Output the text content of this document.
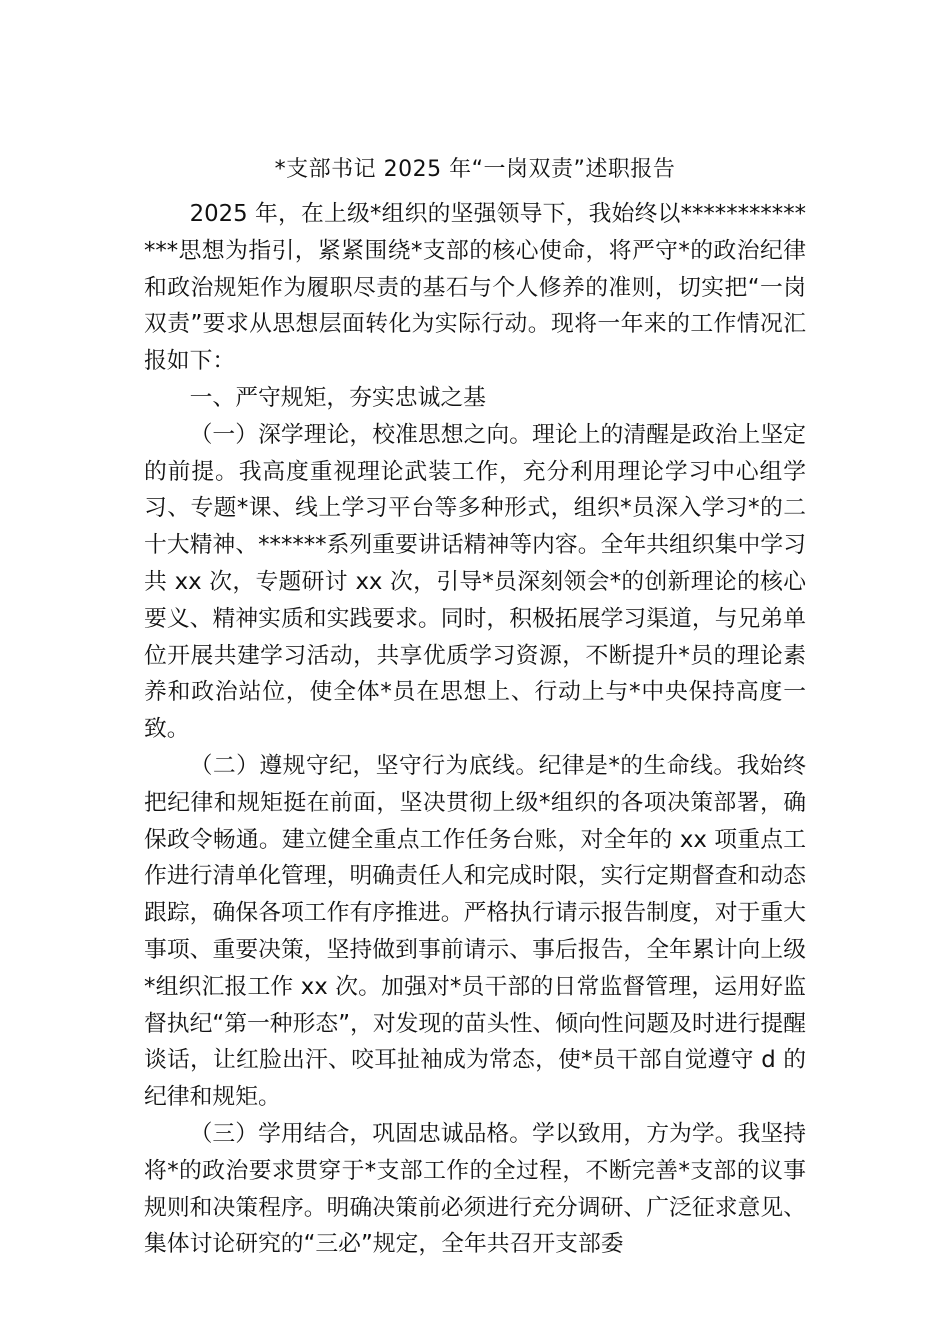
*支部书记 2025 年“一岗双责”述职报告

2025 年，在上级*组织的坚强领导下，我始终以**************思想为指引，紧紧围绕*支部的核心使命，将严守*的政治纪律和政治规矩作为履职尽责的基石与个人修养的准则，切实把“一岗双责”要求从思想层面转化为实际行动。现将一年来的工作情况汇报如下：

一、严守规矩，夯实忠诚之基

（一）深学理论，校准思想之向。理论上的清醒是政治上坚定的前提。我高度重视理论武装工作，充分利用理论学习中心组学习、专题*课、线上学习平台等多种形式，组织*员深入学习*的二十大精神、******系列重要讲话精神等内容。全年共组织集中学习共 xx 次，专题研讨 xx 次，引导*员深刻领会*的创新理论的核心要义、精神实质和实践要求。同时，积极拓展学习渠道，与兄弟单位开展共建学习活动，共享优质学习资源，不断提升*员的理论素养和政治站位，使全体*员在思想上、行动上与*中央保持高度一致。

（二）遵规守纪，坚守行为底线。纪律是*的生命线。我始终把纪律和规矩挺在前面，坚决贯彻上级*组织的各项决策部署，确保政令畅通。建立健全重点工作任务台账，对全年的 xx 项重点工作进行清单化管理，明确责任人和完成时限，实行定期督查和动态跟踪，确保各项工作有序推进。严格执行请示报告制度，对于重大事项、重要决策，坚持做到事前请示、事后报告，全年累计向上级*组织汇报工作 xx 次。加强对*员干部的日常监督管理，运用好监督执纪“第一种形态”，对发现的苗头性、倾向性问题及时进行提醒谈话，让红脸出汗、咬耳扯袖成为常态，使*员干部自觉遵守 d 的纪律和规矩。

（三）学用结合，巩固忠诚品格。学以致用，方为学。我坚持将*的政治要求贯穿于*支部工作的全过程，不断完善*支部的议事规则和决策程序。明确决策前必须进行充分调研、广泛征求意见、集体讨论研究的“三必”规定，全年共召开支部委
